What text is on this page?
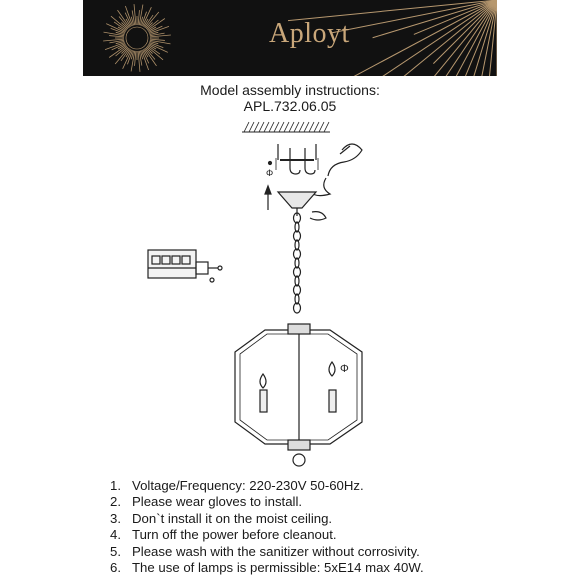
Aployt
Model assembly instructions:
APL.732.06.05
Φ
Φ
1. Voltage/Frequency: 220-230V 50-60Hz.
2. Please wear gloves to install.
3. Don`t install it on the moist ceiling.
4. Turn off the power before cleanout.
5. Please wash with the sanitizer without corrosivity.
6. The use of lamps is permissible: 5xE14 max 40W.
